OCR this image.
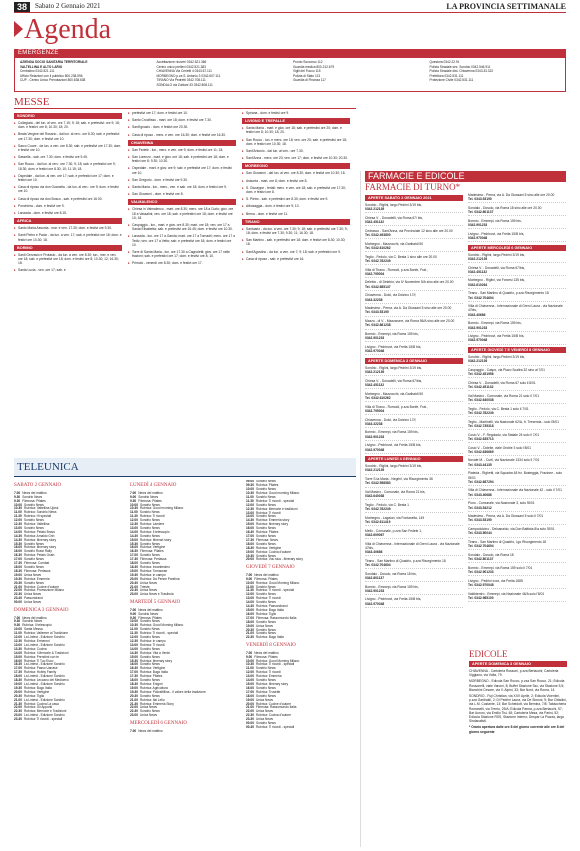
38	Sabato 2 Gennaio 2021	LA PROVINCIA SETTIMANALE
Agenda
EMERGENZE
AZIENDA SOCIO SANITARIA TERRITORIALE
VALTELLINA E ALTO LARIO
Centralino 0342.521.111
Ufficio Relazioni con il pubblico 800.238.596
CUP - Centro Unico Prenotazioni 800.638.638
Accettazione ricoveri 0342.521.366
Centro unico prelievi 0342.521.383
CHIAVENNA Via Cerletti 4 0343.67.111
MORBEGNO p.za S. Antonio 3 0342.607.111
TIRANO Via Pedretti 0342.708.111
SONDALO via Zubiani 33 0342.808.111
Pronto Soccorso 112
Guardia medica 800.212.679
Vigili del Fuoco 115
Polizia di Stato 113
Guardia di Finanza 117
Questura 0342.22.91
Polizia Stradale sez. Sondrio 0342.546.911
Polizia Stradale dist. Chiavenna 0343.33.322
Prefettura 0342.531.111
Protezione Civile 0342.531.111
MESSE
SONDRIO
▸ Collegiata - del lun. al ven. ore 7.15; 9; 18; sab. e prefestivi: ore 9; 18; dom. e festivi: ore 8; 10.30; 18; 20.
▸ Beata Vergine del Rosario - dal lun. al ven.: ore 8.30; sab. e prefestivi ore 17.30; dom. e festivi ore 10.
▸ Sacro Cuore - da lun. a ven. ore 8.30; sab. e prefestivi ore 17.30; dom. e festivi ore 10.
▸ Sassella - sab. ore 7.30; dom. e festivi ore 9.45.
▸ San Rocco - dal lun. al ven.: ore 7.30; 9; 18; sab. e prefestivi ore 9; 18.30; dom. e festivi ore 8.30; 10; 11.15; 18.
▸ Ospedale - dal lun. al ven. ore 17; sab. e prefestivi ore 17; dom. e festivi ore 10.
▸ Casa di riposo via don Guanella - da lun. al ven.: ore 9; dom. e festivi ore 10.
▸ Casa di riposo via don Bosco - sab. e prefestivi ore 16.00.
▸ Ponchiera - dom. e festivi ore 9.
▸ Lanzada - dom. e festivi ore 8.15.
AFRICA
▸ Santo Maria Assunta - mar. e ven. 17.30; dom. e festivi ore 9.30.
▸ Santi Pietro e Paolo - da lun. a ven. 17; sab. e prefestivi ore 18; dom. e festivi ore 10.30; 18.
BORMIO
▸ Santi Gervasio e Protasio - da lun. a ven. ore 8.30; lun., mer. e ven. ore 18; sab. e prefestivi ore 18; dom. e festivi ore 8; 10.30; 12; 16.30; 18.
▸ Santa Lucia - ven. ore 17; sab. e
▸ prefestivi ore 17; dom. e festivi ore 10.
▸ Santo Crocifisso - mart. ore 18; dom. e festivi ore 7.30.
▸ Sant'Ignazio - dom. e festivi ore 20.30.
▸ Casa di riposo - merc. e ven. ore 16.30; dom. e festivi ore 16.30.
CHIAVENNA
▸ San Fedele - lun., merc. e ven. ore 9; dom. e festivi ore 11; 18.
▸ San Lorenzo - mart. e giov. ore 18; sab. e prefestivi ore 18; dom. e festivi ore 8; 9.30; 10.30.
▸ Ospedale - mart. e giov. ore 9; sab. e prefestivi ore 17; dom. e festivi ore 10.
▸ San Gregorio - dom. e festivi ore 9.30.
▸ Santa Maria - lun., merc., ven. e sab. ore 18; dom. e festivi ore 9.
▸ San Giovanni - dom. e festivi ore 8.
VALMALENCO
▸ Chiesa in Valmalenco - mart. ore 8.30; merc. ore 18 a Curlo; giov. ore 18 a Vassalini; ven. ore 18; sab. e prefestivi ore 18; dom. e festivi ore 10; 18.
▸ Caspoggio - lun., mart. e giov. ore 8.30; mart. ore 18; ven. ore 17 a Santa Elisabetta; sab. e prefestivi ore 16.45; dom. e festivi ore 10.30.
▸ Lanzada - lun. ore 17 a Ganda; mart. ore 17 a Tornadri; merc. ore 17 a Tedic; ven. ore 17 a Vetto; sab. e prefestivi ore 18; dom. e festivi ore 10.
▸ Torre di Santa Maria - lun. ore 17.30 a Cagnoletti; giov. ore 17 nelle frazioni; sab. e prefestivi ore 17; dom. e festivi ore 8; 10.
▸ Primolo - venerdì ore 8.30; dom. e festivi ore 17.
▸ Spriana - dom. e festivi ore 9.
LIVIGNO E TREPALLE
▸ Santa Maria - mart. e giov. ore 18; sab. e prefestivi ore 20; dom. e festivi ore 8; 10.30; 18; 20.
▸ San Rocco - lun. e merc. ore 18; ven. ore 20; sab. e prefestivi ore 18; dom. e festivi ore 10.30; 18.
▸ Sant'Antonio - dal lun. al ven.: ore 7.30.
▸ Sant'Anna - merc. ore 20; ven. ore 17; dom. e festivi ore 10.30; 20.30.
MORBEGNO
▸ San Giovanni - dal lun. al ven. ore 8.30; dom. e festivi ore 10.30; 18.
▸ Assunta - mart. ore 8; dom. e festivi ore 8.
▸ S. Giuseppe - feriali: merc. e ven. ore 18; sab. e prefestivi ore 17.30; dom. e festivi ore 8.
▸ S. Pietro - sab. e prefestivi ore 8.30; dom. e festivi ore 9.
▸ Albosaggia - dom. e festivi ore 9; 10.
▸ Berna - dom. e festivi ore 11.
TIRANO
▸ Santuario - da lun. a ven. ore 7.30; 9; 18; sab. e prefestivi ore 7.30; 9; 18; dom. e festivi ore 7.30; 9.30; 11; 16.30; 18.
▸ San Martino - sab. e prefestivi ore 18; dom. e festivi ore 8.30; 10.30; 18.
▸ Sant'Agostino - da lun. a ven. ore 7; 9; 18; sab. e prefestivi ore 9.
▸ Casa di riposo - sab. e prefestivi ore 16.
FARMACIE E EDICOLE
FARMACIE DI TURNO*
APERTE SABATO 2 GENNAIO 2021
Sondrio - Riglini, largo Pedrini 3/19 bis,
0342.212139
Chiesa V. - Donadelli, via Roma 67/ bis,
0342.451132
Cedrasco - Sant'Anna, via Provinciale 12 sino alle ore 20.00
Tel. 0342.493800
Morbegno - Mazzocchi, via Garibaldi 50
Tel. 0342.610262
Teglio - Fedolo, via C. Besta 1 sino alle ore 20.00
Tel. 0342.782249
Villa di Tirano - Romodi, p.zza Bonfe, Frat.,
0342.795004
Delebio - di Delebio, via IV Novembre 5/A sino alle ore 20.00
Tel. 0342.685147
Chiavenna - Dolci, via Dolzino 17/f,
0343.32238
Madesimo - Perna, via A. Da Giussani 5 sino alle ore 20.00
Tel. 0343.53190
Mazzo - di V. - Mazzarone, via Roma 56/A sino alle ore 20.00
Tel. 0342.861238
Bormio - Emmepi, via Roma 159 bis,
0342.901233
Livigno - Pedrinovi, via Freita 15/B bis,
0342.970048
APERTE DOMENICA 3 GENNAIO
Sondrio - Riglini, largo Pedrini 3/19 bis,
0342.212139
Chiesa V. - Donadelli, via Roma 67/bis,
0342.451132
Morbegno - Mazzocchi, via Garibaldi 50
Tel. 0342.610262
Villa di Tirano - Romodi, p.zza Bonfe, Frat.,
0342.795004
Chiavenna - Dolci, via Dolzino 17/f,
0343.32238
Bormio - Emmepi, via Roma 159 bis,
0342.901233
Livigno - Pedrinovi, via Freita 15/B bis,
0342.970048
APERTE LUNEDÌ 4 GENNAIO
Sondrio - Riglini, largo Pedrini 3/19 bis,
0342.212139
Torre S.ta Maria - Negrini, via Risorgimento 36
Tel. 0342.558583
Val Masino - Comunale, via Roma 21 bis,
0342.640038
Teglio - Fedolo, via C. Besta 1
Tel. 0342.782249
Morbegno - Lagaluri, via Fontanella, 149
Tel. 0342.611419
Mello - Comunale, p.zza San Fedele 1,
0342.609067
Villa di Chiavenna - Internazionale di Grenì Laura - via Nazionale 47bis,
0343.40686
Tirano - San Martino di Quadrio, p.zza Risorgimento 18
Tel. 0342.704604
Sondalo - Dosolo, via Roma 18 bis,
0342.801137
Bormio - Emmepi, via Roma 159 bis,
0342.901233
Livigno - Pedrinovi, via Freita 15/B bis,
0342.970048
Madesimo - Perna, via A. Da Giussani 5 sino alle ore 20.00
Tel. 0343.53190
Sondalo - Dosolo, via Roma 18 sino alle ore 20.00
Tel. 0342.801137
Bormio - Emmepi, via Roma 159 bis,
0342.901233
Livigno - Pedrinovi, via Freita 15/B bis,
0342.970048
APERTE MERCOLEDÌ 6 GENNAIO
Sondrio - Riglini, largo Pedrini 3/19 bis,
0342.212139
Chiesa V. - Donadelli, via Roma 67/bis,
0342.451132
Morbegno - Riglini, via Forcesi 135 bis,
0342.610264
Tirano - San Martino di Quadrio, p.zza Risorgimento 18
Tel. 0342.704604
Villa di Chiavenna - Internazionale di Grenì Laura - via Nazionale 47bis,
0343.40686
Bormio - Emmepi, via Roma 159 bis,
0342.901233
Livigno - Pedrinovi, via Freita 15/B bis,
0342.970048
APERTE GIOVEDÌ 7 E VENERDÌ 8 GENNAIO
Sondrio - Riglini, largo Pedrini 3/19 bis,
0342.212139
Caspoggio - Caspo, via Piazo Scaltra 32 sino al 7/01
Tel. 0342.451956
Chiesa V. - Donadelli, via Roma 67 solo il 8/01
Tel. 0342.451132
Val Masino - Comunale, via Roma 21 solo il 7/01
Tel. 0342.640038
Teglio - Fedolo, via C. Besta 1 solo il 7/01
Tel. 0342.782249
Teglio - Martinelli, via Nazionale 62/A, fr. Tresenda - solo l'8/01
Tel. 0342.735318
Cosio V. - F. Regolado, via Statale 24 solo il 7/01
Tel. 0342.635713
Cosio V. - Dolelle, viale Orobie 3 solo l'8/01
Tel. 0342.636669
Novate M. - Curti, via Nazionale 1334 solo il 7/01
Tel. 0343.44135
Piateda - Righetti, via Squadra 48 frz. Busteggia, Frazione - solo l'8/01
Tel. 0342.687294
Villa di Chiavenna - Internazionale via Nazionale 42 - solo il 7/01
Tel. 0343.40686
Piuro - Comunale, via Nazionale 3, solo l'8/01
Tel. 0343.54212
Madesimo - Perna, via A. Da Giussani 5 solo il 7/01
Tel. 0343.53190
Campodolcino - Delcanaido, via Don Battista 8/a solo l'8/01
Tel. 0343.50044
Tirano - San Martino di Quadrio, l.go Risorgimento 18
Tel. 0342.704604
Sondalo - Dosolo, via Roma 18
Tel. 0342.801137
Bormio - Emmepi, via Roma 159 solo il 7/01
Tel. 0342.901233
Livigno - Pedrini xxxx, via Freita 1585
Tel. 0342.970048
Valdidentro - Emmepi, via Nazionale 46/A solo l'8/01
Tel. 0342.985100
EDICOLE
APERTE DOMENICA 3 GENNAIO
CHIAVENNA - Cartoleria Rossoni, p.zza Bertacchi; Cartoleria Viggiano, via Volta, 79.
MORBEGNO - Edicola San Rocco, p.zza San Rocco, 21; Edicola Rossonelli, viale Vanoni, 8; Buffet Stazione Ssc, via Stazione 5,5; Bianchini Cesare, via V. Alpini, 33; Bar Nord, via Roma, 14.
SONDRIO - Fuji Christian, via XXV Aprile, 2; Edicola Vicentini, p.zza Garibaldi, 2; Di Pedrini Laura, via De Simoni, 9; Bar Cittadini, via L.M. Costante, 13; Bar Scheidott, via Bernina, 7/8; Tabaccheria Romanelli, via Trento, 25/A; Edicola Parma, p.zza Bertacchi, 57; Bar Auroro, via Emilio Tisi, 48; Cartoleria Mesa, via Parini, 52; Edicola Stazione RSS, Stazione Interno; Despar La Piazza, largo Sindacalisti.
* Orario apertura dalle ore 8 del giorno corrente alle ore 8 del giorno seguente
TELEUNICA
SABATO 2 GENNAIO
7.00 News del mattino
9.30 Sondrio News
9.30 Filmrosa: Pilates
10.00 Sondrio News
10.30 Rubrica: Valtellina Ujosk
11.00 Rubrica: Sondrio News
11.30 Rubrica: Hi speciali
12.00 Sondrio News
12.30 Rubrica: Valtellina
13.00 Sondrio News
14.00 Rubrica: Pelato Bravo
14.30 Rubrica: Arnaldo Grin
14.30 Rubrica: Itinerary story
15.30 Sondrio News
16.00 Rubrica: Itinerary story
16.00 Sondrio Rossi Rally
16.30 Rubrica: Pelato Grain
17.00 Sondrio News
17.30 Filmrosa: Combat
18.00 Sondrio News
18.30 Filmrosa: Perlasca
19.00 Unica News
19.30 Rubrica: Emmeria
20.30 Sondrio News
21.00 Rubrica: Cucine d'autore
22.00 Rubrica: Promozione Milano
22.30 Unica News
23.40 Passondrand
00.00 Unica News
DOMENICA 3 GENNAIO
7.00 News del mattino
9.30 Sondrio News
9.30 Rubrica: Il telescopio
10.00 Santa Messa
11.00 Rubrica: Valtemer al Tradizione
12.00 La Lintest - Edizione Sondrio
12.30 Rubrica: Ermeroni
13.00 La Lintest - Edizione Sondrio
13.30 Rubrica: Cucina
14.00 Rubrica: I Memorie & Tradizioni
15.00 Rubrica: Prendimi con te
16.00 Rubrica: Ti Tuo Esco
16.30 La Lintest - Edizione Sondrio
17.00 Rubrica: Passo Uanase
17.30 Rubrica: Hobby Family
18.00 La Lintest - Edizione Sondrio
18.30 Rubrica: Leccano del Medioevo
19.00 La Lintest - Edizione Sondrio
19.30 Rubrica: Bugo Italia
20.00 Rubrica: Vertigine
20.30 Rubrica: Tiglio
21.00 La Lintest - Edizione Sondrio
21.30 Rubrica: Cucina La casa
22.00 Rubrica: Gli Appunti
22.30 Rubrica: Memorie e Tradizioni
23.00 La Lintest - Edizione Sondrio
23.30 Rubrica: Ti ricordi - speciali
LUNEDÌ 4 GENNAIO
7.00 News del mattino
9.00 Sondrio News
9.30 Filmrosa: Pilates
10.00 Sondrio News
10.30 Rubrica: Good morning Milano
11.00 Sondrio News
11.30 Rubrica: Ti ricordi
12.00 Sondrio News
12.30 Rubrica: Lamiere
13.00 Sondrio News
14.00 Rubrica: Il telescopio
14.30 Sondrio News
15.00 Rubrica: Itinerari story
15.30 Sondrio News
16.00 Rubrica: Vertigine
16.30 Filmrosa: Pilates
17.00 Sondrio News
17.30 Filmrosa: Perlasca
18.00 Sondrio News
18.30 Rubrica: Incantesimo
19.00 Rubrica: Tomacese
19.30 Rubrica: in campo
20.00 Rubrica: Da Penne Parelina
20.30 Unica News
21.00 Trieste
22.30 Unica News
23.00 Unica News e Trasibuia
MARTEDÌ 5 GENNAIO
7.00 News del mattino
9.00 Sondrio News
9.30 Filmrosa: Pilates
10.00 Sondrio News
10.30 Rubrica: Good Morning Milano
11.00 Sondrio News
11.30 Rubrica: Ti ricordi - speciali
12.00 Sondrio News
12.30 Rubrica: in campo
13.00 Rubrica: Ti ricordi
14.00 Sondrio News
14.30 Rubrica: Vita a Verde
15.00 Sondrio News
15.30 Rubrica: Itinerary story
16.00 Sondrio News
16.30 Rubrica: Vertigine
17.00 Rubrica: Bugo Italia
17.30 Rubrica: Pilates
18.00 Sondrio News
18.30 Rubrica: Enigmi
19.00 Rubrica: Agricoltura
19.30 Rubrica: Polivalfillina - Il valore della tradizione
20.30 Sondrio News
21.00 Rubrica: Itai Lelio
21.30 Rubrica: Emmeria Story
22.00 Unica News
22.30 Sondrio News
23.00 Unica News
MERCOLEDÌ 6 GENNAIO
7.00 News del mattino
09.00 Sondrio News
09.30 Rubrica: Pilates
10.00 Sondrio News
10.30 Rubrica: Good morning Milano
11.00 Sondrio News
11.30 Rubrica: Ti ricordi - speciali
12.00 Sondrio News
12.30 Rubrica: Memorie e tradizioni
13.00 Rubrica: Ti ricordi
14.00 Sondrio News
14.30 Rubrica: Emmeria story
15.00 Rubrica: Itinerary story
16.00 Sondrio News
16.30 Rubrica: Pilates
17.00 Sondrio News
17.30 Filmrosa: News
18.00 Sondrio News
18.30 Rubrica: Vertigine
19.00 Rubrica: Cucina d'autore
19.30 Sondrio News
20.00 Rubrica: Vou sica - Itinerary story
GIOVEDÌ 7 GENNAIO
7.00 News del mattino
9.00 Filmrosa: Pilates
10.00 Rubrica: Good Morning Milano
11.00 Sondrio News
11.30 Rubrica: Ti ricordi - speciali
12.00 Sondrio News
13.00 Rubrica: Ti ricordi
14.00 Sondrio News
14.30 Rubrica: Passondrand
15.00 Rubrica: Bugo Italia
16.00 Rubrica: Tiglio
17.00 Filmrosa: Rassomundo Italia
18.00 Sondrio News
19.00 Unica News
20.30 Sondrio News
21.00 Sondrio News
22.30 Rubrica: Bugo Italia
VENERDÌ 8 GENNAIO
7.00 News del mattino
9.00 Filmrosa: Pilates
10.00 Rubrica: Good Morning Milano
10.30 Rubrica: Ti ricordi - speciali
11.00 Sondrio News
12.00 Rubrica: Ti ricordi
13.00 Rubrica: Emmeria
14.00 Sondrio News
15.00 Rubrica: Itinerary story
16.00 Sondrio News
17.00 Rubrica: Trusette
18.00 Sondrio News
19.00 Unica News
20.00 Rubrica: Cucine d'autore
21.00 Filmrosa: Rassomundo Italia
22.00 Unica News
22.30 Rubrica: Cucina d'autore
23.30 Unica News
00.00 Sondrio News
00.30 Rubrica: Ti ricordi - speciali
